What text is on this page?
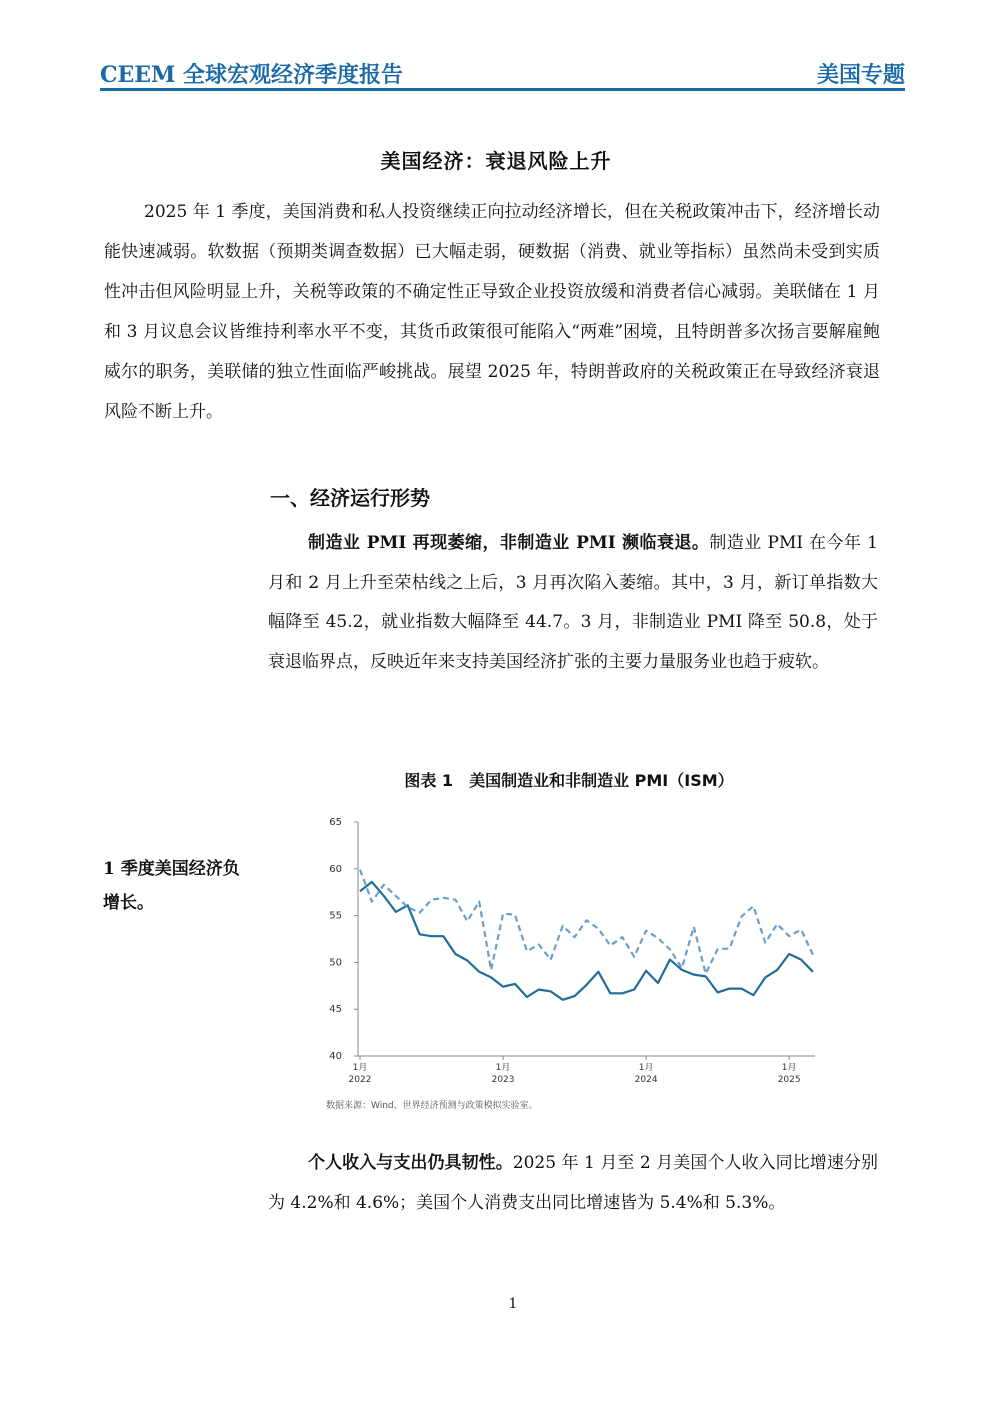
CEEM 全球宏观经济季度报告	美国专题
美国经济：衰退风险上升

2025 年 1 季度，美国消费和私人投资继续正向拉动经济增长，但在关税政策冲击下，经济增长动能快速减弱。软数据（预期类调查数据）已大幅走弱，硬数据（消费、就业等指标）虽然尚未受到实质性冲击但风险明显上升，关税等政策的不确定性正导致企业投资放缓和消费者信心减弱。美联储在 1 月和 3 月议息会议皆维持利率水平不变，其货币政策很可能陷入“两难”困境，且特朗普多次扬言要解雇鲍威尔的职务，美联储的独立性面临严峻挑战。展望 2025 年，特朗普政府的关税政策正在导致经济衰退风险不断上升。

一、经济运行形势

制造业 PMI 再现萎缩，非制造业 PMI 濒临衰退。制造业 PMI 在今年 1 月和 2 月上升至荣枯线之上后，3 月再次陷入萎缩。其中，3 月，新订单指数大幅降至 45.2，就业指数大幅降至 44.7。3 月，非制造业 PMI 降至 50.8，处于衰退临界点，反映近年来支持美国经济扩张的主要力量服务业也趋于疲软。

图表 1　美国制造业和非制造业 PMI（ISM）
1 季度美国经济负增长。
40
45
50
55
60
65
1月
2022
1月
2023
1月
2024
1月
2025
数据来源：Wind、世界经济预测与政策模拟实验室。

个人收入与支出仍具韧性。2025 年 1 月至 2 月美国个人收入同比增速分别为 4.2%和 4.6%；美国个人消费支出同比增速皆为 5.4%和 5.3%。

1
